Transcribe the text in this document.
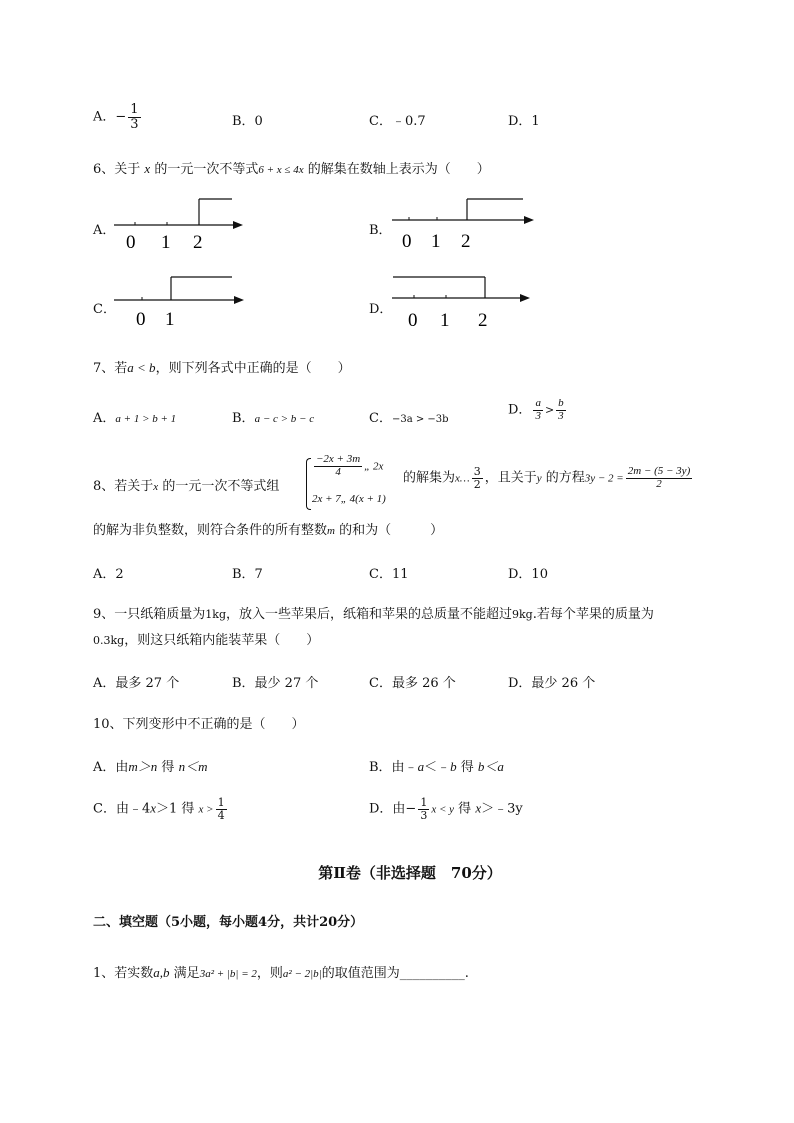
A．− $\frac{1}{3}$	B．0	C．﹣0.7	D．1
6、关于 x 的一元一次不等式6 + x ≤ 4x 的解集在数轴上表示为（　　）
A．
0 1 2
B．
0 1 2
C． 0 1	D．
0 1 2
7、若a < b，则下列各式中正确的是（　　）
A．a + 1 > b + 1	B．a − c > b − c	C．−3a > −3b
D． $\frac{a}{3} > \frac{b}{3}$
8、若关于x 的一元一次不等式组
$\frac{-2x + 3m}{4}$ „ 2x
2x + 7„ 4(x + 1)
的解集为x… $\frac{3}{2}$ ，且关于y 的方程$3y - 2 = \frac{2m - (5 - 3y)}{2}$
的解为非负整数，则符合条件的所有整数m 的和为（　　　）
A．2	B．7	C．11	D．10
9、一只纸箱质量为1kg，放入一些苹果后，纸箱和苹果的总质量不能超过9kg.若每个苹果的质量为
0.3kg，则这只纸箱内能装苹果（　　）
A．最多 27 个	B．最少 27 个	C．最多 26 个	D．最少 26 个
10、下列变形中不正确的是（　　）
A．由m＞n 得 n＜m	B．由﹣a＜﹣b 得 b＜a
C．由﹣4x＞1 得 $x > \frac{1}{4}$	D．由− $\frac{1}{3}$ x < y 得 x＞﹣3y
第Ⅱ卷（非选择题　70分）
二、填空题（5小题，每小题4分，共计20分）
1、若实数a,b 满足3a² + |b| = 2，则a² − 2|b|的取值范围为__________.
